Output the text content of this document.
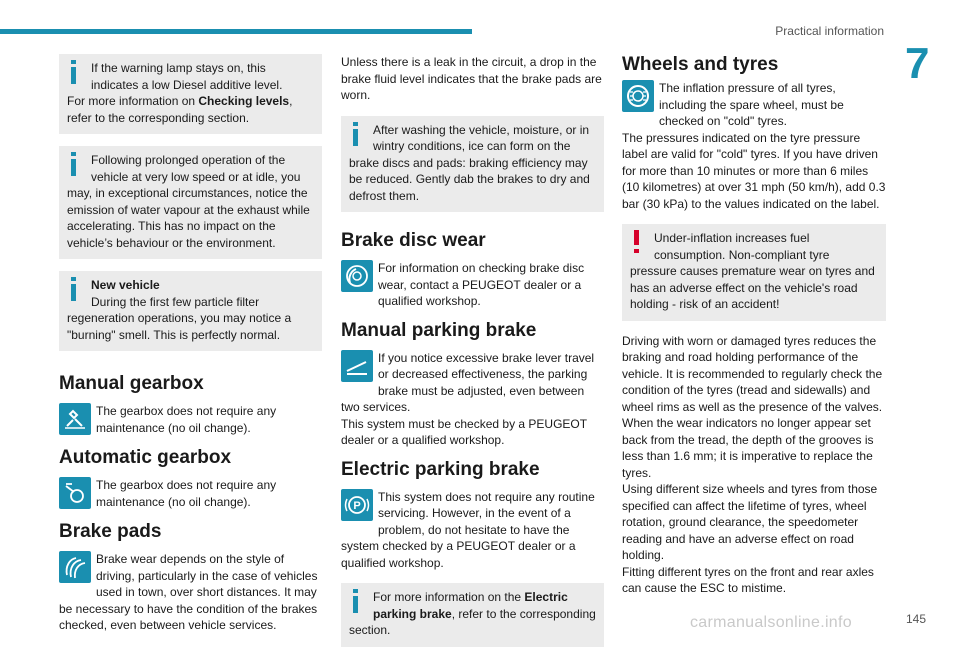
Practical information
7

If the warning lamp stays on, this indicates a low Diesel additive level.
For more information on Checking levels, refer to the corresponding section.

Following prolonged operation of the vehicle at very low speed or at idle, you may, in exceptional circumstances, notice the emission of water vapour at the exhaust while accelerating. This has no impact on the vehicle’s behaviour or the environment.

New vehicle
During the first few particle filter regeneration operations, you may notice a "burning" smell. This is perfectly normal.

Manual gearbox

The gearbox does not require any maintenance (no oil change).

Automatic gearbox

The gearbox does not require any maintenance (no oil change).

Brake pads

Brake wear depends on the style of driving, particularly in the case of vehicles used in town, over short distances. It may be necessary to have the condition of the brakes checked, even between vehicle services.

Unless there is a leak in the circuit, a drop in the brake fluid level indicates that the brake pads are worn.

After washing the vehicle, moisture, or in wintry conditions, ice can form on the brake discs and pads: braking efficiency may be reduced. Gently dab the brakes to dry and defrost them.

Brake disc wear

For information on checking brake disc wear, contact a PEUGEOT dealer or a qualified workshop.

Manual parking brake

If you notice excessive brake lever travel or decreased effectiveness, the parking brake must be adjusted, even between two services.

This system must be checked by a PEUGEOT dealer or a qualified workshop.

Electric parking brake
P

This system does not require any routine servicing. However, in the event of a problem, do not hesitate to have the system checked by a PEUGEOT dealer or a qualified workshop.

For more information on the Electric parking brake, refer to the corresponding section.

Wheels and tyres

The inflation pressure of all tyres, including the spare wheel, must be checked on "cold" tyres.

The pressures indicated on the tyre pressure label are valid for "cold" tyres. If you have driven for more than 10 minutes or more than 6 miles (10 kilometres) at over 31 mph (50 km/h), add 0.3 bar (30 kPa) to the values indicated on the label.

Under-inflation increases fuel consumption. Non-compliant tyre pressure causes premature wear on tyres and has an adverse effect on the vehicle's road holding - risk of an accident!

Driving with worn or damaged tyres reduces the braking and road holding performance of the vehicle. It is recommended to regularly check the condition of the tyres (tread and sidewalls) and wheel rims as well as the presence of the valves.

When the wear indicators no longer appear set back from the tread, the depth of the grooves is less than 1.6 mm; it is imperative to replace the tyres.

Using different size wheels and tyres from those specified can affect the lifetime of tyres, wheel rotation, ground clearance, the speedometer reading and have an adverse effect on road holding.

Fitting different tyres on the front and rear axles can cause the ESC to mistime.

carmanualsonline.info	145
